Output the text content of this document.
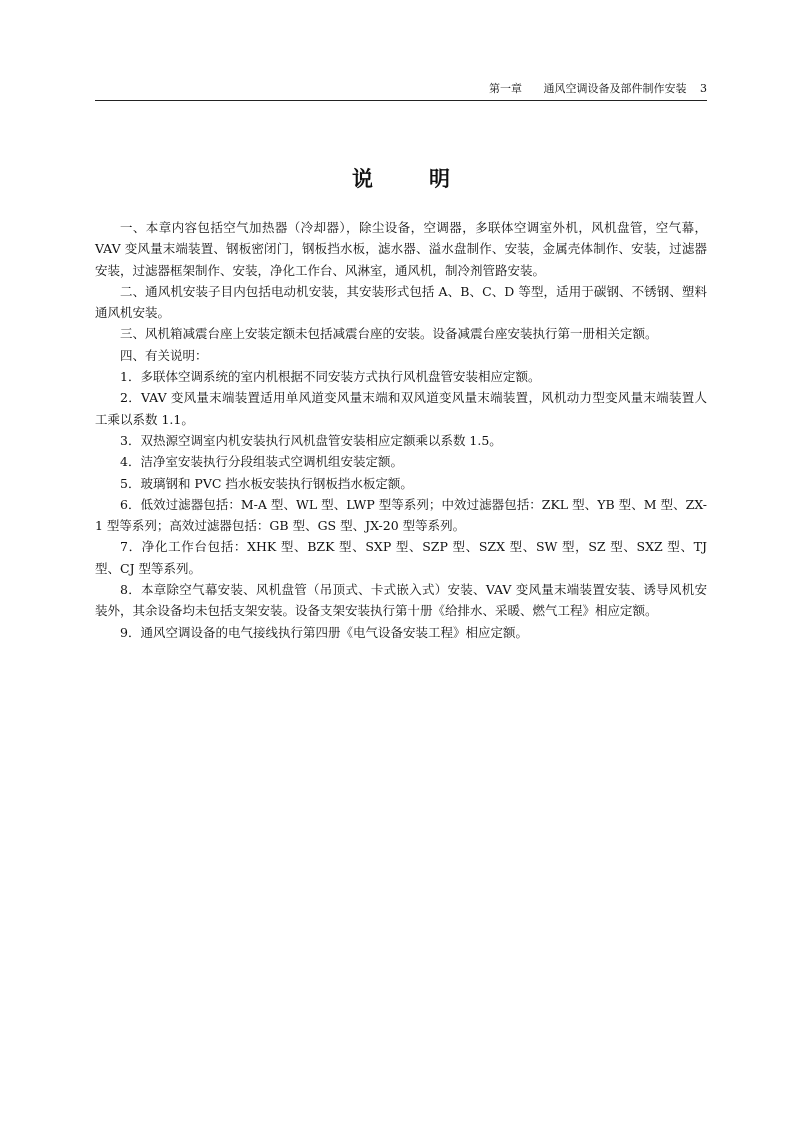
第一章 通风空调设备及部件制作安装 3
说明

一、本章内容包括空气加热器（冷却器），除尘设备，空调器，多联体空调室外机，风机盘管，空气幕，VAV 变风量末端装置、钢板密闭门，钢板挡水板，滤水器、溢水盘制作、安装，金属壳体制作、安装，过滤器安装，过滤器框架制作、安装，净化工作台、风淋室，通风机，制冷剂管路安装。

二、通风机安装子目内包括电动机安装，其安装形式包括 A、B、C、D 等型，适用于碳钢、不锈钢、塑料通风机安装。

三、风机箱减震台座上安装定额未包括减震台座的安装。设备减震台座安装执行第一册相关定额。

四、有关说明：

1．多联体空调系统的室内机根据不同安装方式执行风机盘管安装相应定额。

2．VAV 变风量末端装置适用单风道变风量末端和双风道变风量末端装置，风机动力型变风量末端装置人工乘以系数 1.1。

3．双热源空调室内机安装执行风机盘管安装相应定额乘以系数 1.5。

4．洁净室安装执行分段组装式空调机组安装定额。

5．玻璃钢和 PVC 挡水板安装执行钢板挡水板定额。

6．低效过滤器包括：M-A 型、WL 型、LWP 型等系列；中效过滤器包括：ZKL 型、YB 型、M 型、ZX-1 型等系列；高效过滤器包括：GB 型、GS 型、JX-20 型等系列。

7．净化工作台包括：XHK 型、BZK 型、SXP 型、SZP 型、SZX 型、SW 型，SZ 型、SXZ 型、TJ 型、CJ 型等系列。

8．本章除空气幕安装、风机盘管（吊顶式、卡式嵌入式）安装、VAV 变风量末端装置安装、诱导风机安装外，其余设备均未包括支架安装。设备支架安装执行第十册《给排水、采暖、燃气工程》相应定额。

9．通风空调设备的电气接线执行第四册《电气设备安装工程》相应定额。
